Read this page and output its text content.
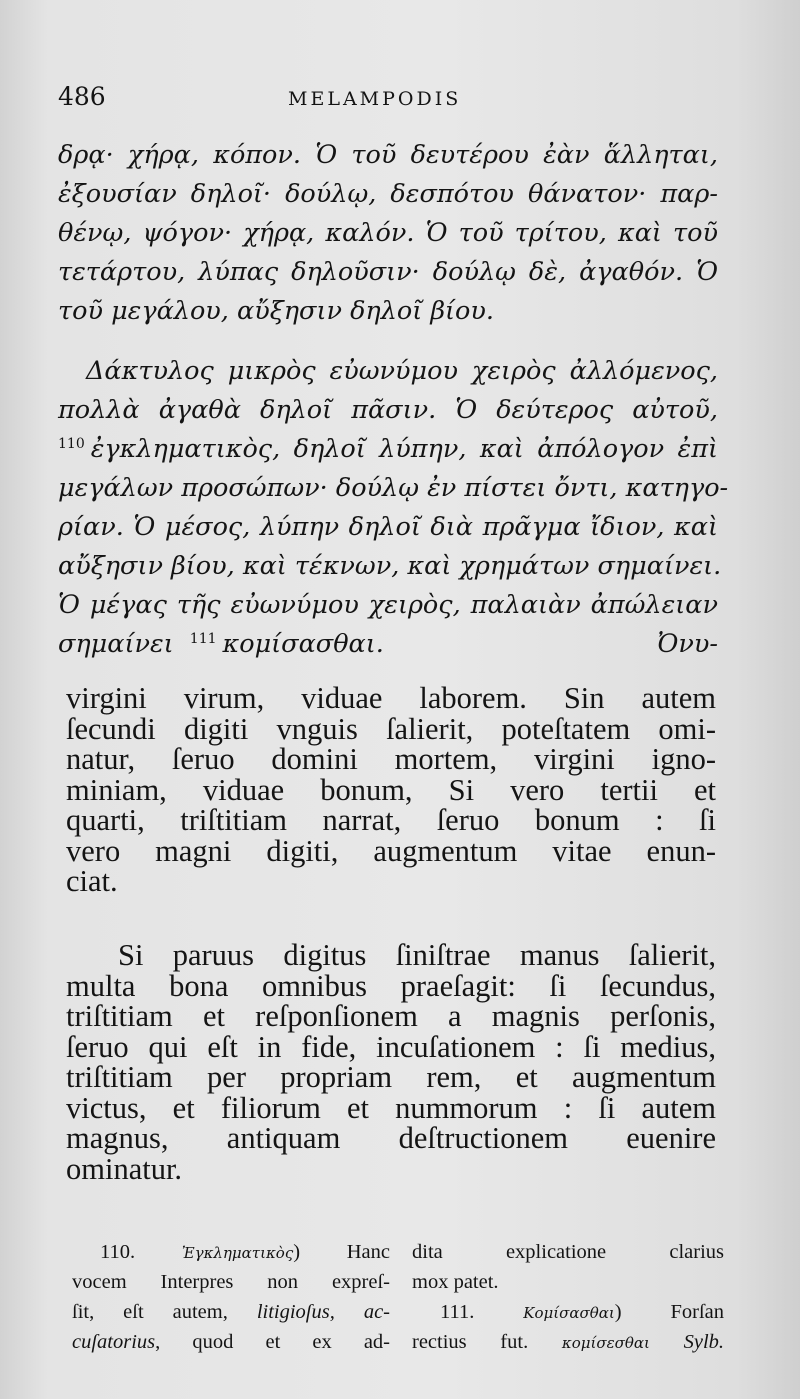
486	MELAMPODIS
δρᾳ· χήρᾳ, κόπον. Ὁ τοῦ δευτέρου ἐὰν ἅλληται,
ἐξουσίαν δηλοῖ· δούλῳ, δεσπότου θάνατον· παρ-
θένῳ, ψόγον· χήρᾳ, καλόν. Ὁ τοῦ τρίτου, καὶ τοῦ
τετάρτου, λύπας δηλοῦσιν· δούλῳ δὲ, ἀγαθόν. Ὁ
τοῦ μεγάλου, αὔξησιν δηλοῖ βίου.
Δάκτυλος μικρὸς εὐωνύμου χειρὸς ἀλλόμενος,
πολλὰ ἀγαθὰ δηλοῖ πᾶσιν. Ὁ δεύτερος αὐτοῦ,
$^{110}$ ἐγκληματικὸς, δηλοῖ λύπην, καὶ ἀπόλογον ἐπὶ
μεγάλων προσώπων· δούλῳ ἐν πίστει ὄντι, κατηγο-
ρίαν. Ὁ μέσος, λύπην δηλοῖ διὰ πρᾶγμα ἴδιον, καὶ
αὔξησιν βίου, καὶ τέκνων, καὶ χρημάτων σημαίνει.
Ὁ μέγας τῆς εὐωνύμου χειρὸς, παλαιὰν ἀπώλειαν
σημαίνει $^{111}$ κομίσασθαι.	Ὀνυ-
virgini virum, viduae laborem. Sin autem
ſecundi digiti vnguis ſalierit, poteſtatem omi-
natur, ſeruo domini mortem, virgini igno-
miniam, viduae bonum, Si vero tertii et
quarti, triſtitiam narrat, ſeruo bonum : ſi
vero magni digiti, augmentum vitae enun-
ciat.
Si paruus digitus ſiniſtrae manus ſalierit,
multa bona omnibus praeſagit: ſi ſecundus,
triſtitiam et reſponſionem a magnis perſonis,
ſeruo qui eſt in fide, incuſationem : ſi medius,
triſtitiam per propriam rem, et augmentum
victus, et filiorum et nummorum : ſi autem
magnus, antiquam deſtructionem euenire
ominatur.
110.	Ἐγκληματικὸς) Hanc
vocem Interpres non expreſ-
ſit, eſt autem, litigioſus, ac-
cuſatorius, quod et ex ad-
dita explicatione clarius
mox patet.
111.	Κομίσασθαι) Forſan
rectius fut. κομίσεσθαι Sylb.
